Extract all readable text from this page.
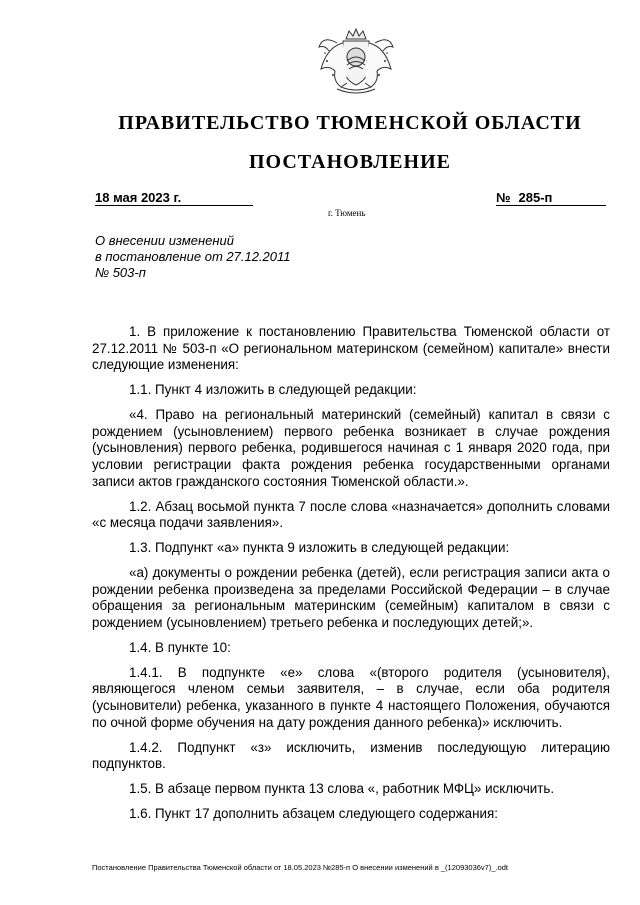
ПРАВИТЕЛЬСТВО ТЮМЕНСКОЙ ОБЛАСТИ
ПОСТАНОВЛЕНИЕ
18 мая 2023 г.	№ 285-п
г. Тюмень
О внесении изменений
в постановление от 27.12.2011
№ 503-п

1. В приложение к постановлению Правительства Тюменской области от 27.12.2011 № 503-п «О региональном материнском (семейном) капитале» внести следующие изменения:

1.1. Пункт 4 изложить в следующей редакции:

«4. Право на региональный материнский (семейный) капитал в связи с рождением (усыновлением) первого ребенка возникает в случае рождения (усыновления) первого ребенка, родившегося начиная с 1 января 2020 года, при условии регистрации факта рождения ребенка государственными органами записи актов гражданского состояния Тюменской области.».

1.2. Абзац восьмой пункта 7 после слова «назначается» дополнить словами «с месяца подачи заявления».

1.3. Подпункт «а» пункта 9 изложить в следующей редакции:

«а) документы о рождении ребенка (детей), если регистрация записи акта о рождении ребенка произведена за пределами Российской Федерации – в случае обращения за региональным материнским (семейным) капиталом в связи с рождением (усыновлением) третьего ребенка и последующих детей;».

1.4. В пункте 10:

1.4.1. В подпункте «е» слова «(второго родителя (усыновителя), являющегося членом семьи заявителя, – в случае, если оба родителя (усыновители) ребенка, указанного в пункте 4 настоящего Положения, обучаются по очной форме обучения на дату рождения данного ребенка)» исключить.

1.4.2. Подпункт «з» исключить, изменив последующую литерацию подпунктов.

1.5. В абзаце первом пункта 13 слова «, работник МФЦ» исключить.

1.6. Пункт 17 дополнить абзацем следующего содержания:

Постановление Правительства Тюменской области от 18.05.2023 №285-п О внесении изменений в _(12093036v7)_.odt
